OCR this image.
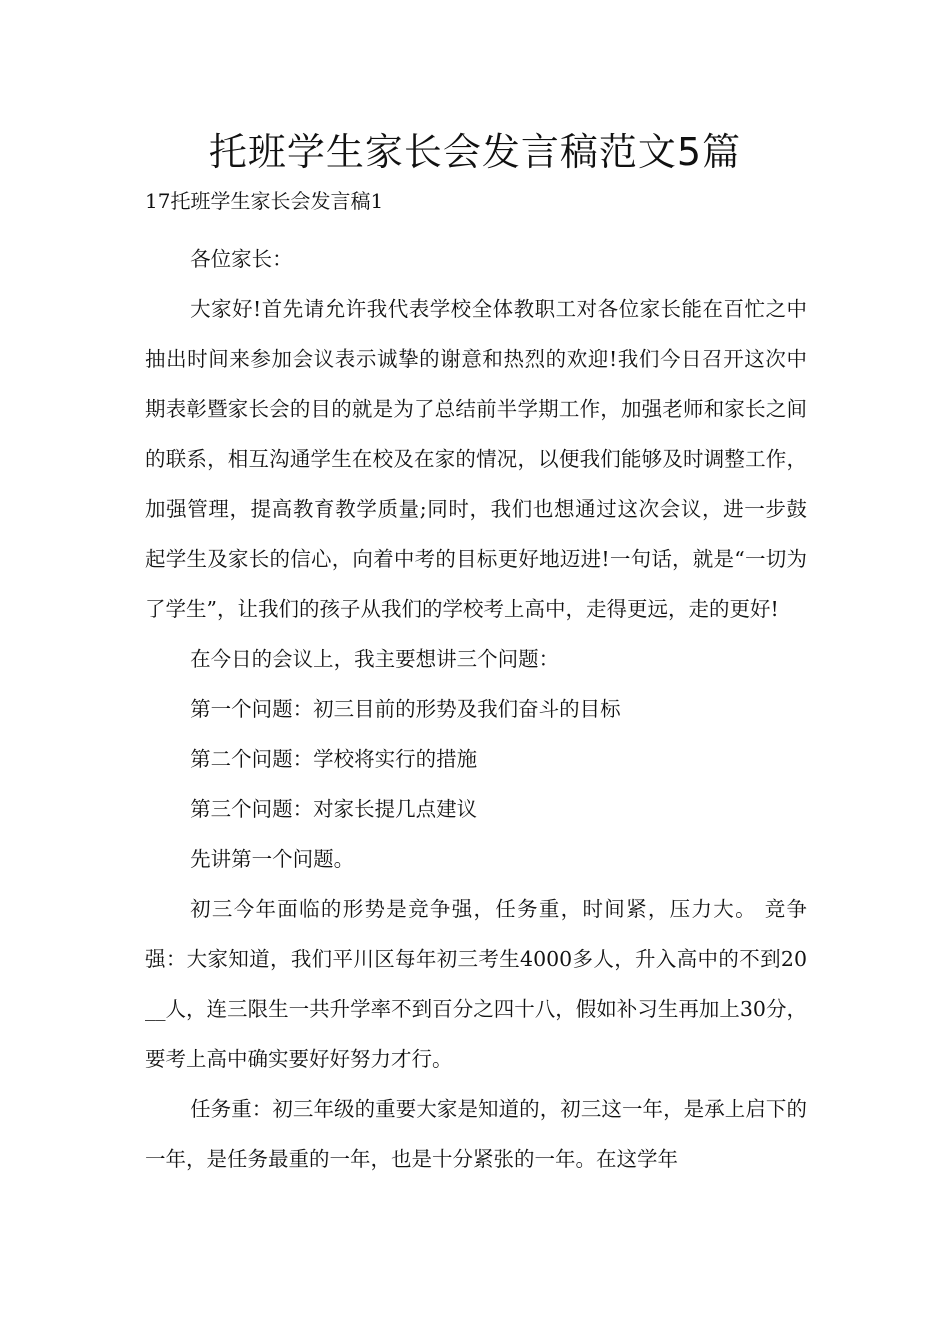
托班学生家长会发言稿范文5篇

17托班学生家长会发言稿1

各位家长：

大家好!首先请允许我代表学校全体教职工对各位家长能在百忙之中抽出时间来参加会议表示诚挚的谢意和热烈的欢迎!我们今日召开这次中期表彰暨家长会的目的就是为了总结前半学期工作，加强老师和家长之间的联系，相互沟通学生在校及在家的情况，以便我们能够及时调整工作，加强管理，提高教育教学质量;同时，我们也想通过这次会议，进一步鼓起学生及家长的信心，向着中考的目标更好地迈进!一句话，就是“一切为了学生”，让我们的孩子从我们的学校考上高中，走得更远，走的更好!

在今日的会议上，我主要想讲三个问题：

第一个问题：初三目前的形势及我们奋斗的目标

第二个问题：学校将实行的措施

第三个问题：对家长提几点建议

先讲第一个问题。

初三今年面临的形势是竞争强，任务重，时间紧，压力大。 竞争强：大家知道，我们平川区每年初三考生4000多人，升入高中的不到20__人，连三限生一共升学率不到百分之四十八，假如补习生再加上30分，要考上高中确实要好好努力才行。

任务重：初三年级的重要大家是知道的，初三这一年，是承上启下的一年，是任务最重的一年，也是十分紧张的一年。在这学年
